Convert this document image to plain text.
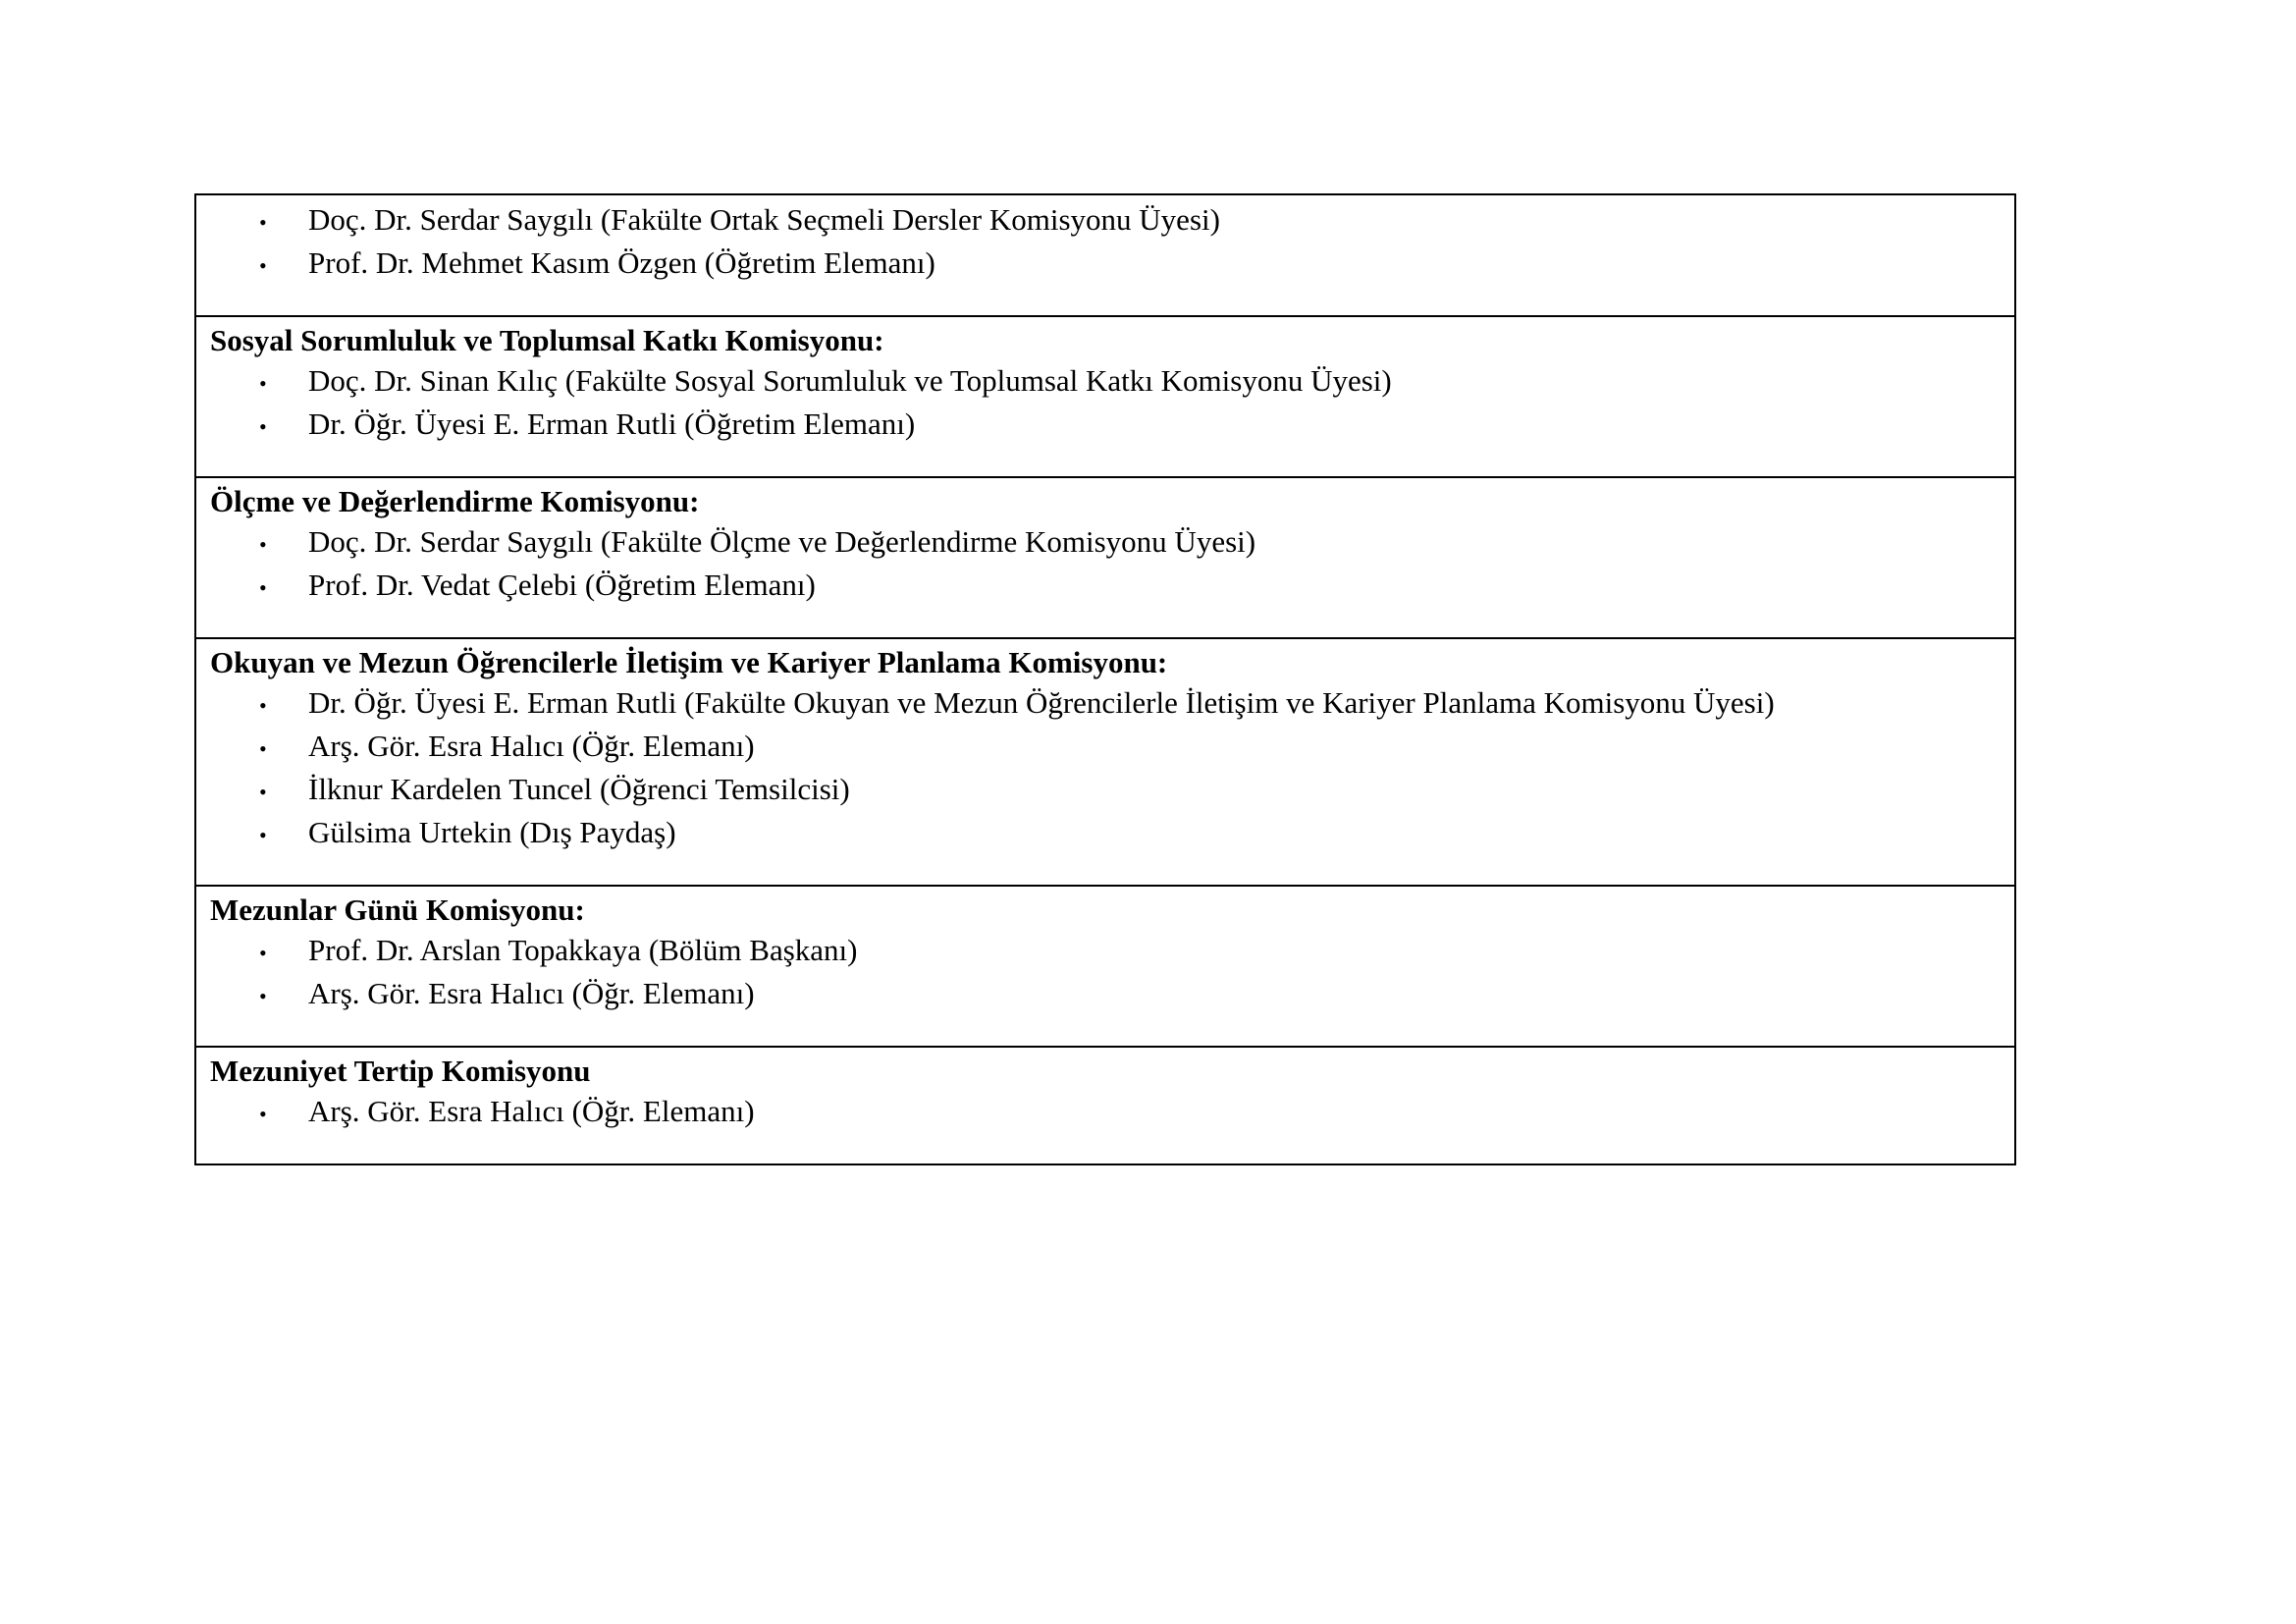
•	Doç. Dr. Serdar Saygılı (Fakülte Ortak Seçmeli Dersler Komisyonu Üyesi)
•	Prof. Dr. Mehmet Kasım Özgen (Öğretim Elemanı)

Sosyal Sorumluluk ve Toplumsal Katkı Komisyonu:

•	Doç. Dr. Sinan Kılıç (Fakülte Sosyal Sorumluluk ve Toplumsal Katkı Komisyonu Üyesi)
•	Dr. Öğr. Üyesi E. Erman Rutli (Öğretim Elemanı)

Ölçme ve Değerlendirme Komisyonu:

•	Doç. Dr. Serdar Saygılı (Fakülte Ölçme ve Değerlendirme Komisyonu Üyesi)
•	Prof. Dr. Vedat Çelebi (Öğretim Elemanı)

Okuyan ve Mezun Öğrencilerle İletişim ve Kariyer Planlama Komisyonu:

•	Dr. Öğr. Üyesi E. Erman Rutli (Fakülte Okuyan ve Mezun Öğrencilerle İletişim ve Kariyer Planlama Komisyonu Üyesi)
•	Arş. Gör. Esra Halıcı (Öğr. Elemanı)
•	İlknur Kardelen Tuncel (Öğrenci Temsilcisi)
•	Gülsima Urtekin (Dış Paydaş)

Mezunlar Günü Komisyonu:

•	Prof. Dr. Arslan Topakkaya (Bölüm Başkanı)
•	Arş. Gör. Esra Halıcı (Öğr. Elemanı)

Mezuniyet Tertip Komisyonu

•	Arş. Gör. Esra Halıcı (Öğr. Elemanı)
